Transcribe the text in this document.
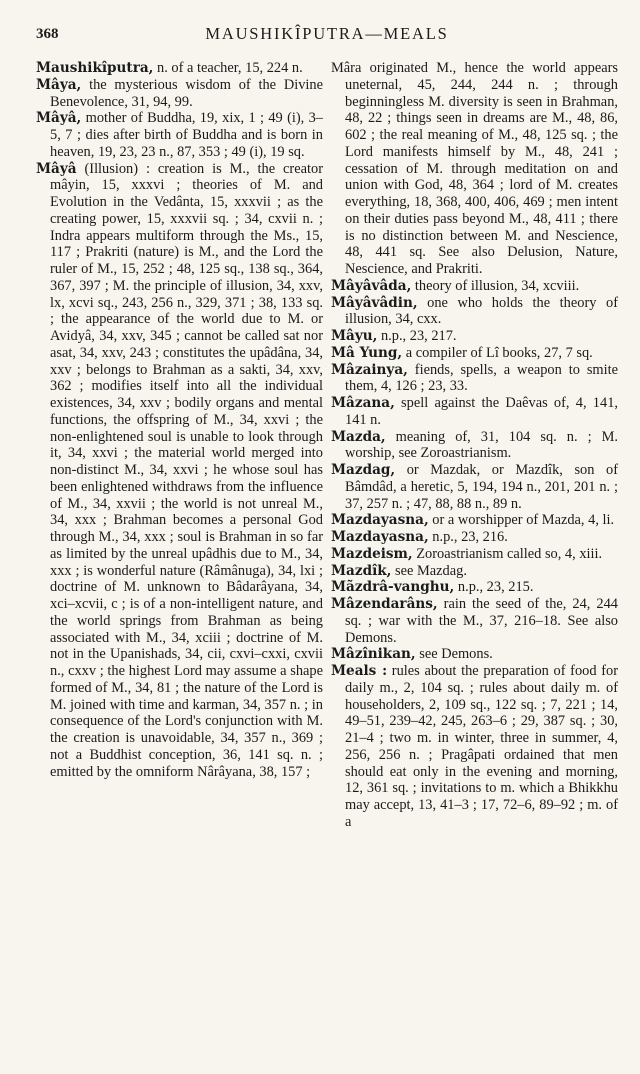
368	MAUSHIKÎPUTRA—MEALS

Maushikîputra, n. of a teacher, 15, 224 n.

Mâya, the mysterious wisdom of the Divine Benevolence, 31, 94, 99.

Mâyâ, mother of Buddha, 19, xix, 1 ; 49 (i), 3–5, 7 ; dies after birth of Buddha and is born in heaven, 19, 23, 23 n., 87, 353 ; 49 (i), 19 sq.

Mâyâ (Illusion) : creation is M., the creator mâyin, 15, xxxvi ; theories of M. and Evolution in the Vedânta, 15, xxxvii ; as the creating power, 15, xxxvii sq. ; 34, cxvii n. ; Indra appears multiform through the Ms., 15, 117 ; Prakriti (nature) is M., and the Lord the ruler of M., 15, 252 ; 48, 125 sq., 138 sq., 364, 367, 397 ; M. the principle of illusion, 34, xxv, lx, xcvi sq., 243, 256 n., 329, 371 ; 38, 133 sq. ; the appearance of the world due to M. or Avidyâ, 34, xxv, 345 ; cannot be called sat nor asat, 34, xxv, 243 ; constitutes the upâdâna, 34, xxv ; belongs to Brahman as a sakti, 34, xxv, 362 ; modifies itself into all the individual existences, 34, xxv ; bodily organs and mental functions, the offspring of M., 34, xxvi ; the non-enlightened soul is unable to look through it, 34, xxvi ; the material world merged into non-distinct M., 34, xxvi ; he whose soul has been enlightened withdraws from the influence of M., 34, xxvii ; the world is not unreal M., 34, xxx ; Brahman becomes a personal God through M., 34, xxx ; soul is Brahman in so far as limited by the unreal upâdhis due to M., 34, xxx ; is wonderful nature (Râmânuga), 34, lxi ; doctrine of M. unknown to Bâdarâyana, 34, xci–xcvii, c ; is of a non-intelligent nature, and the world springs from Brahman as being associated with M., 34, xciii ; doctrine of M. not in the Upanishads, 34, cii, cxvi–cxxi, cxvii n., cxxv ; the highest Lord may assume a shape formed of M., 34, 81 ; the nature of the Lord is M. joined with time and karman, 34, 357 n. ; in consequence of the Lord's conjunction with M. the creation is unavoidable, 34, 357 n., 369 ; not a Buddhist conception, 36, 141 sq. n. ; emitted by the omniform Nârâyana, 38, 157 ;

Mâra originated M., hence the world appears uneternal, 45, 244, 244 n. ; through beginningless M. diversity is seen in Brahman, 48, 22 ; things seen in dreams are M., 48, 86, 602 ; the real meaning of M., 48, 125 sq. ; the Lord manifests himself by M., 48, 241 ; cessation of M. through meditation on and union with God, 48, 364 ; lord of M. creates everything, 18, 368, 400, 406, 469 ; men intent on their duties pass beyond M., 48, 411 ; there is no distinction between M. and Nescience, 48, 441 sq. See also Delusion, Nature, Nescience, and Prakriti.

Mâyâvâda, theory of illusion, 34, xcviii.

Mâyâvâdin, one who holds the theory of illusion, 34, cxx.

Mâyu, n.p., 23, 217.

Mâ Yung, a compiler of Lî books, 27, 7 sq.

Mâzainya, fiends, spells, a weapon to smite them, 4, 126 ; 23, 33.

Mâzana, spell against the Daêvas of, 4, 141, 141 n.

Mazda, meaning of, 31, 104 sq. n. ; M. worship, see Zoroastrianism.

Mazdag, or Mazdak, or Mazdîk, son of Bâmdâd, a heretic, 5, 194, 194 n., 201, 201 n. ; 37, 257 n. ; 47, 88, 88 n., 89 n.

Mazdayasna, or a worshipper of Mazda, 4, li.

Mazdayasna, n.p., 23, 216.

Mazdeism, Zoroastrianism called so, 4, xiii.

Mazdîk, see Mazdag.

Mãzdrâ-vanghu, n.p., 23, 215.

Mâzendarâns, rain the seed of the, 24, 244 sq. ; war with the M., 37, 216–18. See also Demons.

Mâzînikan, see Demons.

Meals : rules about the preparation of food for daily m., 2, 104 sq. ; rules about daily m. of householders, 2, 109 sq., 122 sq. ; 7, 221 ; 14, 49–51, 239–42, 245, 263–6 ; 29, 387 sq. ; 30, 21–4 ; two m. in winter, three in summer, 4, 256, 256 n. ; Pragâpati ordained that men should eat only in the evening and morning, 12, 361 sq. ; invitations to m. which a Bhikkhu may accept, 13, 41–3 ; 17, 72–6, 89–92 ; m. of a
